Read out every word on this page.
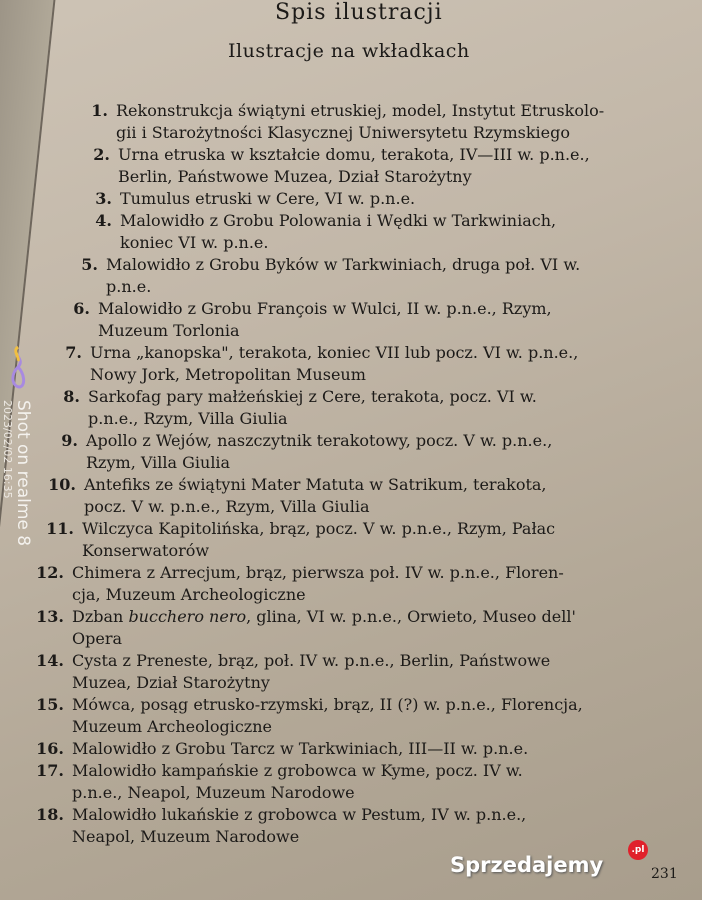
Spis ilustracji
Ilustracje na wkładkach
1. Rekonstrukcja świątyni etruskiej, model, Instytut Etruskolo-
gii i Starożytności Klasycznej Uniwersytetu Rzymskiego
2. Urna etruska w kształcie domu, terakota, IV—III w. p.n.e.,
Berlin, Państwowe Muzea, Dział Starożytny
3. Tumulus etruski w Cere, VI w. p.n.e.
4. Malowidło z Grobu Polowania i Wędki w Tarkwiniach,
koniec VI w. p.n.e.
5. Malowidło z Grobu Byków w Tarkwiniach, druga poł. VI w.
p.n.e.
6. Malowidło z Grobu François w Wulci, II w. p.n.e., Rzym,
Muzeum Torlonia
7. Urna „kanopska", terakota, koniec VII lub pocz. VI w. p.n.e.,
Nowy Jork, Metropolitan Museum
8. Sarkofag pary małżeńskiej z Cere, terakota, pocz. VI w.
p.n.e., Rzym, Villa Giulia
9. Apollo z Wejów, naszczytnik terakotowy, pocz. V w. p.n.e.,
Rzym, Villa Giulia
10. Antefiks ze świątyni Mater Matuta w Satrikum, terakota,
pocz. V w. p.n.e., Rzym, Villa Giulia
11. Wilczyca Kapitolińska, brąz, pocz. V w. p.n.e., Rzym, Pałac
Konserwatorów
12. Chimera z Arrecjum, brąz, pierwsza poł. IV w. p.n.e., Floren-
cja, Muzeum Archeologiczne
13. Dzban bucchero nero, glina, VI w. p.n.e., Orwieto, Museo dell'
Opera
14. Cysta z Preneste, brąz, poł. IV w. p.n.e., Berlin, Państwowe
Muzea, Dział Starożytny
15. Mówca, posąg etrusko-rzymski, brąz, II (?) w. p.n.e., Florencja,
Muzeum Archeologiczne
16. Malowidło z Grobu Tarcz w Tarkwiniach, III—II w. p.n.e.
17. Malowidło kampańskie z grobowca w Kyme, pocz. IV w.
p.n.e., Neapol, Muzeum Narodowe
18. Malowidło lukańskie z grobowca w Pestum, IV w. p.n.e.,
Neapol, Muzeum Narodowe
Shot on realme 8
2023/02/02 16:35
Sprzedajemy
.pl
231
